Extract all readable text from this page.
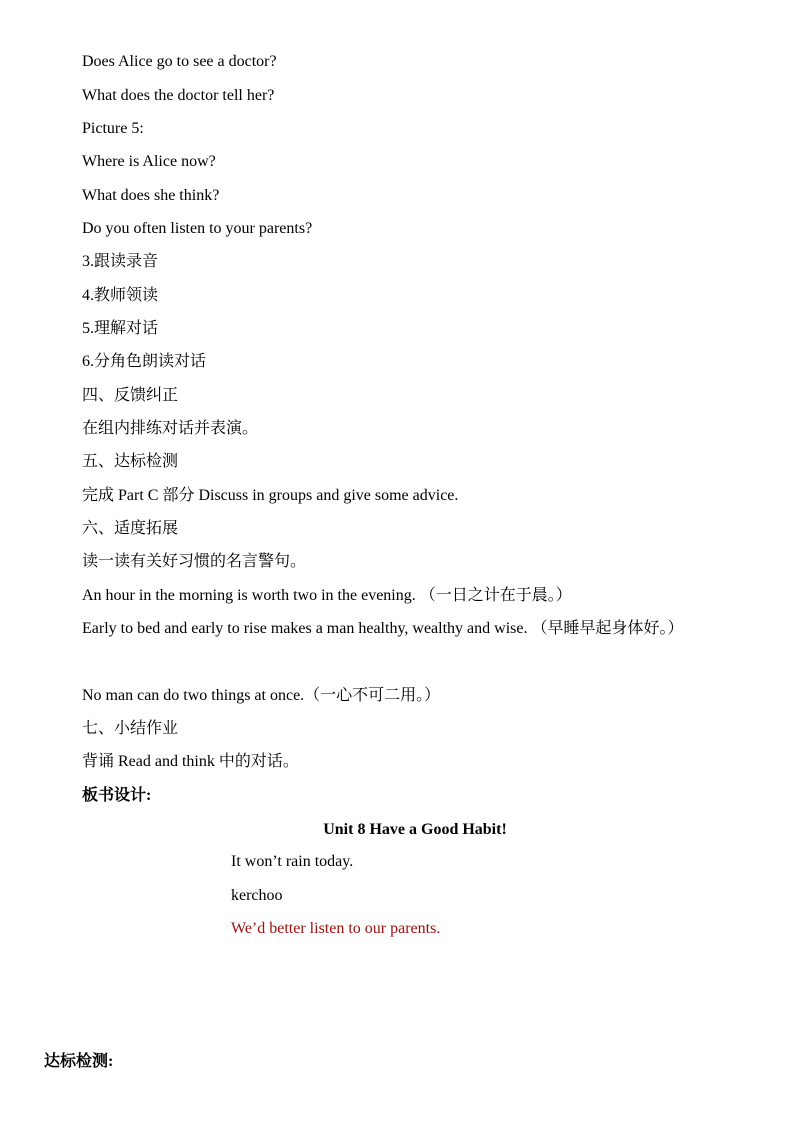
Does Alice go to see a doctor?
What does the doctor tell her?
Picture 5:
Where is Alice now?
What does she think?
Do you often listen to your parents?
3.跟读录音
4.教师领读
5.理解对话
6.分角色朗读对话
四、反馈纠正
在组内排练对话并表演。
五、达标检测
完成 Part C 部分 Discuss in groups and give some advice.
六、适度拓展
读一读有关好习惯的名言警句。
An hour in the morning is worth two in the evening. （一日之计在于晨。）
Early to bed and early to rise makes a man healthy, wealthy and wise. （早睡早起身体好。）
No man can do two things at once.（一心不可二用。）
七、小结作业
背诵 Read and think 中的对话。
板书设计:
Unit 8 Have a Good Habit!
It won’t rain today.
kerchoo
We’d better listen to our parents.
达标检测:
